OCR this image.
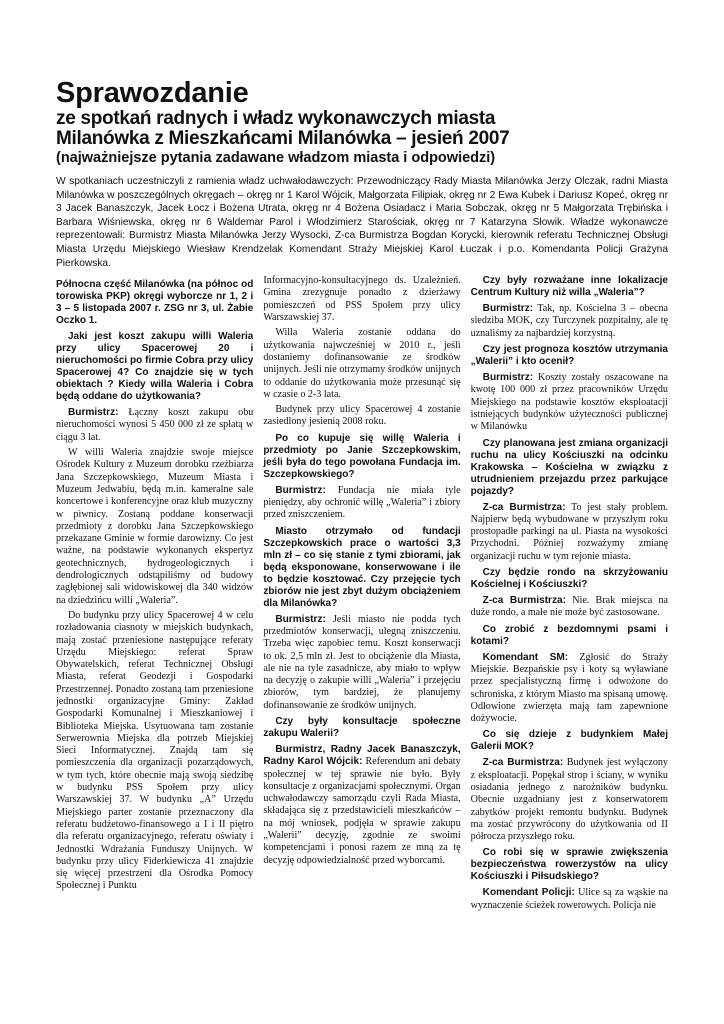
Sprawozdanie
ze spotkań radnych i władz wykonawczych miasta
Milanówka z Mieszkańcami Milanówka – jesień 2007
(najważniejsze pytania zadawane władzom miasta i odpowiedzi)

W spotkaniach uczestniczyli z ramienia władz uchwałodawczych: Przewodniczący Rady Miasta Milanówka Jerzy Olczak, radni Miasta Milanówka w poszczególnych okręgach – okręg nr 1 Karol Wójcik, Małgorzata Filipiak, okręg nr 2 Ewa Kubek i Dariusz Kopeć, okręg nr 3 Jacek Banaszczyk, Jacek Łocz i Bożena Utrata, okręg nr 4 Bożena Osiadacz i Maria Sobczak, okręg nr 5 Małgorzata Trębińska i Barbara Wiśniewska, okręg nr 6 Waldemar Parol i Włodzimierz Starościak, okręg nr 7 Katarzyna Słowik. Władze wykonawcze reprezentowali: Burmistrz Miasta Milanówka Jerzy Wysocki, Z-ca Burmistrza Bogdan Korycki, kierownik referatu Technicznej Obsługi Miasta Urzędu Miejskiego Wiesław Krendzelak Komendant Straży Miejskiej Karol Łuczak i p.o. Komendanta Policji Grażyna Pierkowska.

Północna część Milanówka (na północ od torowiska PKP) okręgi wyborcze nr 1, 2 i 3 – 5 listopada 2007 r. ZSG nr 3, ul. Żabie Oczko 1.
Jaki jest koszt zakupu willi Waleria przy ulicy Spacerowej 20 i nieruchomości po firmie Cobra przy ulicy Spacerowej 4? Co znajdzie się w tych obiektach ? Kiedy willa Waleria i Cobra będą oddane do użytkowania?

Burmistrz: Łączny koszt zakupu obu nieruchomości wynosi 5 450 000 zł ze spłatą w ciągu 3 lat.

W willi Waleria znajdzie swoje miejsce Ośrodek Kultury z Muzeum dorobku rzeźbiarza Jana Szczepkowskiego, Muzeum Miasta i Muzeum Jedwabiu, będą m.in. kameralne sale koncertowe i konferencyjne oraz klub muzyczny w piwnicy. Zostaną poddane konserwacji przedmioty z dorobku Jana Szczepkowskiego przekazane Gminie w formie darowizny. Co jest ważne, na podstawie wykonanych ekspertyz geotechnicznych, hydrogeologicznych i dendrologicznych odstąpiliśmy od budowy zagłębionej sali widowiskowej dla 340 widzów na dziedzińcu willi „Waleria”.

Do budynku przy ulicy Spacerowej 4 w celu rozładowania ciasnoty w miejskich budynkach, mają zostać przeniesione następujące referaty Urzędu Miejskiego: referat Spraw Obywatelskich, referat Technicznej Obsługi Miasta, referat Geodezji i Gospodarki Przestrzennej. Ponadto zostaną tam przeniesione jednostki organizacyjne Gminy: Zakład Gospodarki Komunalnej i Mieszkaniowej i Biblioteka Miejska. Usytuowana tam zostanie Serwerownia Miejska dla potrzeb Miejskiej Sieci Informatycznej. Znajdą tam się pomieszczenia dla organizacji pozarządowych, w tym tych, które obecnie mają swoją siedzibę w budynku PSS Społem przy ulicy Warszawskiej 37. W budynku „A” Urzędu Miejskiego parter zostanie przeznaczony dla referatu budżetowo-finansowego a I i II piętro dla referatu organizacyjnego, referatu oświaty i Jednostki Wdrażania Funduszy Unijnych. W budynku przy ulicy Fiderkiewicza 41 znajdzie się więcej przestrzeni dla Ośrodka Pomocy Społecznej i Punktu

Informacyjno-konsultacyjnego ds. Uzależnień. Gmina zrezygnuje ponadto z dzierżawy pomieszczeń od PSS Społem przy ulicy Warszawskiej 37.

Willa Waleria zostanie oddana do użytkowania najwcześniej w 2010 r., jeśli dostaniemy dofinansowanie ze środków unijnych. Jeśli nie otrzymamy środków unijnych to oddanie do użytkowania może przesunąć się w czasie o 2-3 lata.

Budynek przy ulicy Spacerowej 4 zostanie zasiedlony jesienią 2008 roku.

Po co kupuje się willę Waleria i przedmioty po Janie Szczepkowskim, jeśli była do tego powołana Fundacja im. Szczepkowskiego?

Burmistrz: Fundacja nie miała tyle pieniędzy, aby ochronić willę „Waleria” i zbiory przed zniszczeniem.

Miasto otrzymało od fundacji Szczepkowskich prace o wartości 3,3 mln zł – co się stanie z tymi zbiorami, jak będą eksponowane, konserwowane i ile to będzie kosztować. Czy przejęcie tych zbiorów nie jest zbyt dużym obciążeniem dla Milanówka?

Burmistrz: Jeśli miasto nie podda tych przedmiotów konserwacji, ulegną zniszczeniu. Trzeba więc zapobiec temu. Koszt konserwacji to ok. 2,5 mln zł. Jest to obciążenie dla Miasta, ale nie na tyle zasadnicze, aby miało to wpływ na decyzję o zakupie willi „Waleria” i przejęciu zbiorów, tym bardziej, że planujemy dofinansowanie ze środków unijnych.

Czy były konsultacje społeczne zakupu Walerii?

Burmistrz, Radny Jacek Banaszczyk, Radny Karol Wójcik: Referendum ani debaty społecznej w tej sprawie nie było. Były konsultacje z organizacjami społecznymi. Organ uchwałodawczy samorządu czyli Rada Miasta, składająca się z przedstawicieli mieszkańców – na mój wniosek, podjęła w sprawie zakupu „Walerii” decyzję, zgodnie ze swoimi kompetencjami i ponosi razem ze mną za tę decyzję odpowiedzialność przed wyborcami.

Czy były rozważane inne lokalizacje Centrum Kultury niż willa „Waleria”?

Burmistrz: Tak, np. Kościelna 3 – obecna siedziba MOK, czy Turczynek pozpitalny, ale tę uznaliśmy za najbardziej korzystną.

Czy jest prognoza kosztów utrzymania „Walerii” i kto ocenił?

Burmistrz: Koszty zostały oszacowane na kwotę 100 000 zł przez pracowników Urzędu Miejskiego na podstawie kosztów eksploatacji istniejących budynków użyteczności publicznej w Milanówku

Czy planowana jest zmiana organizacji ruchu na ulicy Kościuszki na odcinku Krakowska – Kościelna w związku z utrudnieniem przejazdu przez parkujące pojazdy?

Z-ca Burmistrza: To jest stały problem. Najpierw będą wybudowane w przyszłym roku prostopadłe parkingi na ul. Piasta na wysokości Przychodni. Później rozważymy zmianę organizacji ruchu w tym rejonie miasta.

Czy będzie rondo na skrzyżowaniu Kościelnej i Kościuszki?

Z-ca Burmistrza: Nie. Brak miejsca na duże rondo, a małe nie może być zastosowane.

Co zrobić z bezdomnymi psami i kotami?

Komendant SM: Zgłosić do Straży Miejskie. Bezpańskie psy i koty są wyławiane przez specjalistyczną firmę i odwożone do schroniska, z którym Miasto ma spisaną umowę. Odłowione zwierzęta mają tam zapewnione dożywocie.

Co się dzieje z budynkiem Małej Galerii MOK?

Z-ca Burmistrza: Budynek jest wyłączony z eksploatacji. Popękał strop i ściany, w wyniku osiadania jednego z narożników budynku. Obecnie uzgadniany jest z konserwatorem zabytków projekt remontu budynku. Budynek ma zostać przywrócony do użytkowania od II półrocza przyszłego roku.

Co robi się w sprawie zwiększenia bezpieczeństwa rowerzystów na ulicy Kościuszki i Piłsudskiego?

Komendant Policji: Ulice są za wąskie na wyznaczenie ścieżek rowerowych. Policja nie
